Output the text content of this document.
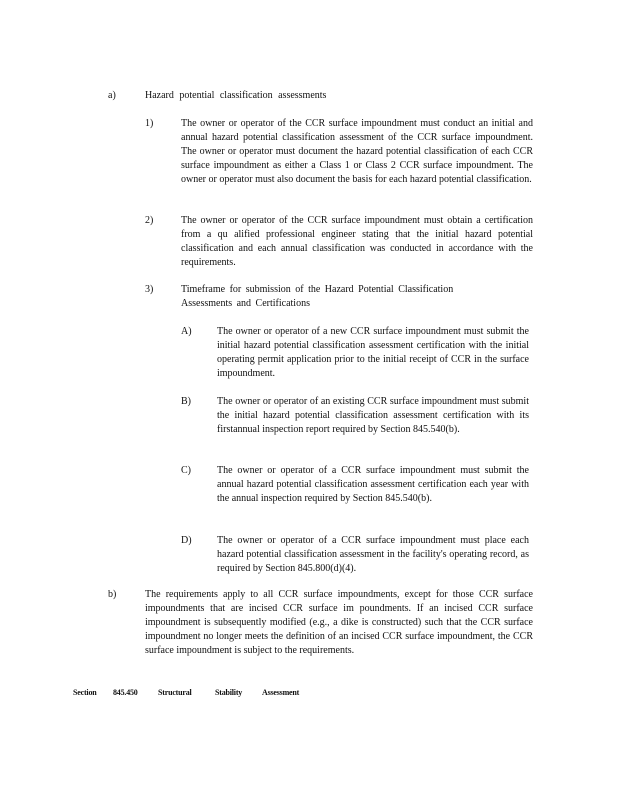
a)	Hazard potential classification assessments

1)	The owner or operator of the CCR surface impoundment must conduct an initial and annual hazard potential classification assessment of the CCR surface impoundment. The owner or operator must document the hazard potential classification of each CCR surface impoundment as either a Class 1 or Class 2 CCR surface impoundment. The owner or operator must also document the basis for each hazard potential classification.

2)	The owner or operator of the CCR surface impoundment must obtain a certification from a qu alified professional engineer stating that the initial hazard potential classification and each annual classification was conducted in accordance with the requirements.

3)	Timeframe for submission of the Hazard Potential Classification Assessments and Certifications

A)	The owner or operator of a new CCR surface impoundment must submit the initial hazard potential classification assessment certification with the initial operating permit application prior to the initial receipt of CCR in the surface impoundment.

B)	The owner or operator of an existing CCR surface impoundment must submit the initial hazard potential classification assessment certification with its firstannual inspection report required by Section 845.540(b).

C)	The owner or operator of a CCR surface impoundment must submit the annual hazard potential classification assessment certification each year with the annual inspection required by Section 845.540(b).

D)	The owner or operator of a CCR surface impoundment must place each hazard potential classification assessment in the facility's operating record, as required by Section 845.800(d)(4).

b)	The requirements apply to all CCR surface impoundments, except for those CCR surface impoundments that are incised CCR surface im poundments. If an incised CCR surface impoundment is subsequently modified (e.g., a dike is constructed) such that the CCR surface impoundment no longer meets the definition of an incised CCR surface impoundment, the CCR surface impoundment is subject to the requirements.

Section 845.450	Structural	Stability Assessment
